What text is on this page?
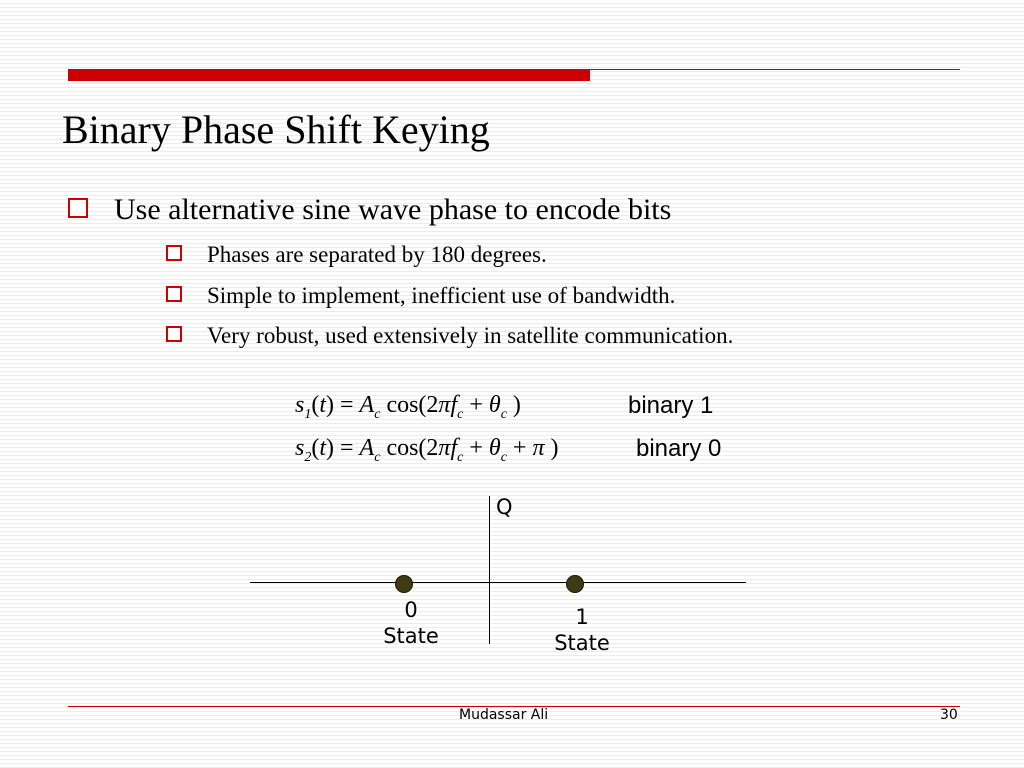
Binary Phase Shift Keying
Use alternative sine wave phase to encode bits
Phases are separated by 180 degrees.
Simple to implement, inefficient use of bandwidth.
Very robust, used extensively in satellite communication.
$s_1(t) = A_c$ $\cos(2\pi f_c + \theta_c$ )	binary 1
$s_2(t) = A_c$ $\cos(2\pi f_c + \theta_c + \pi$ )	binary 0
Q
0
State
1
State
Mudassar Ali	30
